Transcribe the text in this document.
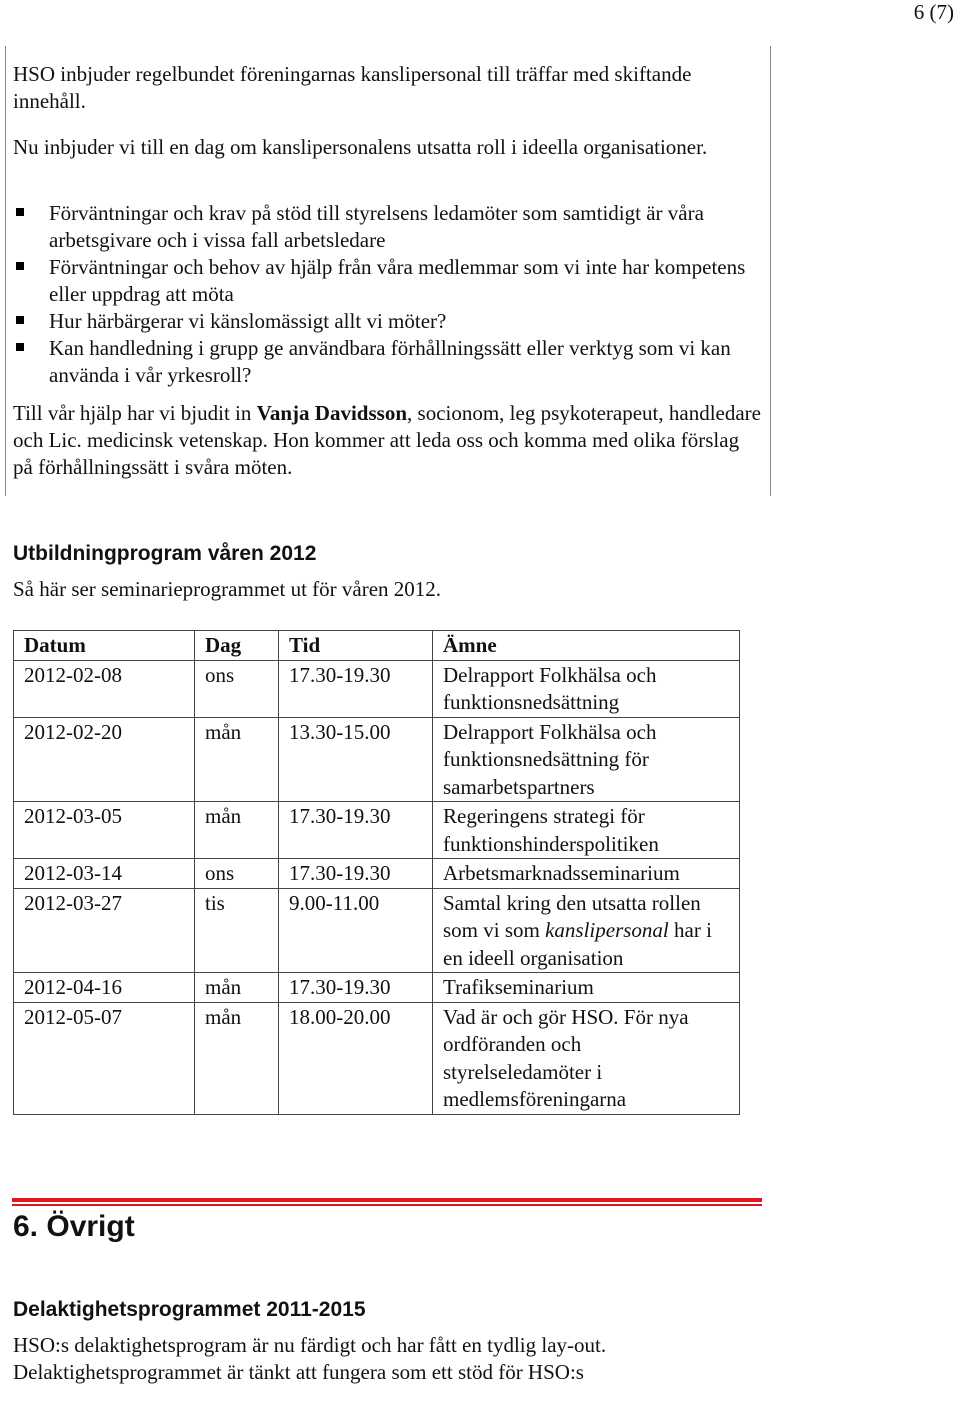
6 (7)
HSO inbjuder regelbundet föreningarnas kanslipersonal till träffar med skiftande innehåll.
Nu inbjuder vi till en dag om kanslipersonalens utsatta roll i ideella organisationer.
Förväntningar och krav på stöd till styrelsens ledamöter som samtidigt är våra arbetsgivare och i vissa fall arbetsledare
Förväntningar och behov av hjälp från våra medlemmar som vi inte har kompetens eller uppdrag att möta
Hur härbärgerar vi känslomässigt allt vi möter?
Kan handledning i grupp ge användbara förhållningssätt eller verktyg som vi kan använda i vår yrkesroll?
Till vår hjälp har vi bjudit in Vanja Davidsson, socionom, leg psykoterapeut, handledare och Lic. medicinsk vetenskap. Hon kommer att leda oss och komma med olika förslag på förhållningssätt i svåra möten.
Utbildningprogram våren 2012
Så här ser seminarieprogrammet ut för våren 2012.
Datum	Dag	Tid	Ämne
2012-02-08	ons	17.30-19.30	Delrapport Folkhälsa och funktionsnedsättning
2012-02-20	mån	13.30-15.00	Delrapport Folkhälsa och funktionsnedsättning för samarbetspartners
2012-03-05	mån	17.30-19.30	Regeringens strategi för funktionshinderspolitiken
2012-03-14	ons	17.30-19.30	Arbetsmarknadsseminarium
2012-03-27	tis	9.00-11.00	Samtal kring den utsatta rollen som vi som kanslipersonal har i en ideell organisation
2012-04-16	mån	17.30-19.30	Trafikseminarium
2012-05-07	mån	18.00-20.00	Vad är och gör HSO. För nya ordföranden och styrelseledamöter i medlemsföreningarna
6. Övrigt
Delaktighetsprogrammet 2011-2015
HSO:s delaktighetsprogram är nu färdigt och har fått en tydlig lay-out. Delaktighetsprogrammet är tänkt att fungera som ett stöd för HSO:s
